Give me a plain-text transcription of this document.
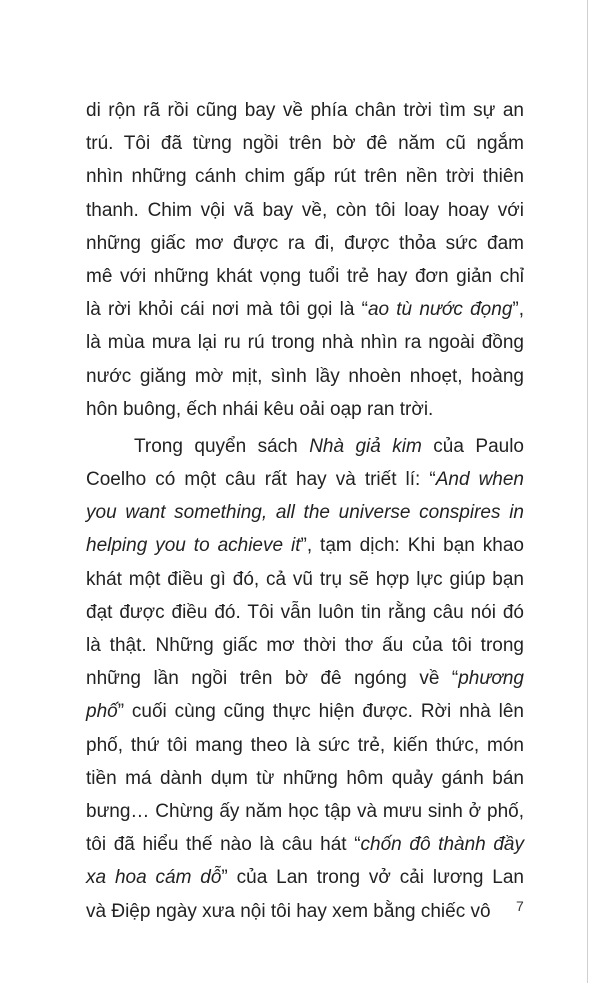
di rộn rã rồi cũng bay về phía chân trời tìm sự an
trú. Tôi đã từng ngồi trên bờ đê năm cũ ngắm
nhìn những cánh chim gấp rút trên nền trời thiên
thanh. Chim vội vã bay về, còn tôi loay hoay với
những giấc mơ được ra đi, được thỏa sức đam
mê với những khát vọng tuổi trẻ hay đơn giản chỉ
là rời khỏi cái nơi mà tôi gọi là “ao tù nước đọng”,
là mùa mưa lại ru rú trong nhà nhìn ra ngoài đồng
nước giăng mờ mịt, sình lầy nhoèn nhoẹt, hoàng
hôn buông, ếch nhái kêu oải oạp ran trời.
Trong quyển sách Nhà giả kim của Paulo
Coelho có một câu rất hay và triết lí: “And when
you want something, all the universe conspires in
helping you to achieve it”, tạm dịch: Khi bạn khao
khát một điều gì đó, cả vũ trụ sẽ hợp lực giúp bạn
đạt được điều đó. Tôi vẫn luôn tin rằng câu nói đó
là thật. Những giấc mơ thời thơ ấu của tôi trong
những lần ngồi trên bờ đê ngóng về “phương
phố” cuối cùng cũng thực hiện được. Rời nhà lên
phố, thứ tôi mang theo là sức trẻ, kiến thức, món
tiền má dành dụm từ những hôm quảy gánh bán
bưng… Chừng ấy năm học tập và mưu sinh ở phố,
tôi đã hiểu thế nào là câu hát “chốn đô thành đầy
xa hoa cám dỗ” của Lan trong vở cải lương Lan
và Điệp ngày xưa nội tôi hay xem bằng chiếc vô	7
